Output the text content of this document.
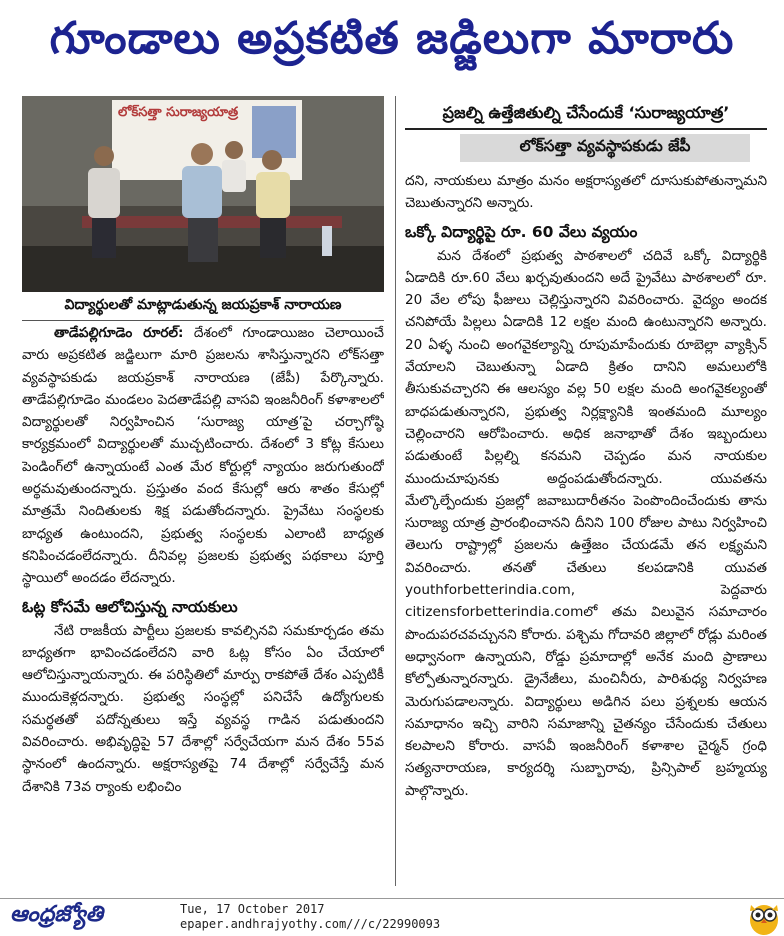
గూండాలు అప్రకటిత జడ్జిలుగా మారారు
లోక్‌సత్తా సురాజ్యయాత్ర
విద్యార్థులతో మాట్లాడుతున్న జయప్రకాశ్‌ నారాయణ
ప్రజల్ని ఉత్తేజితుల్ని చేసేందుకే ‘సురాజ్యయాత్ర’
లోక్‌సత్తా వ్యవస్థాపకుడు జేపీ

తాడేపల్లిగూడెం రూరల్‌: దేశంలో గూండాయిజం చెలాయించే వారు అప్రకటిత జడ్జిలుగా మారి ప్రజలను శాసిస్తున్నారని లోక్‌సత్తా వ్యవస్థాపకుడు జయప్రకాశ్‌ నారాయణ (జేపీ) పేర్కొన్నారు. తాడేపల్లిగూడెం మండలం పెదతాడేపల్లి వాసవి ఇంజనీరింగ్‌ కళాశాలలో విద్యార్థులతో నిర్వహించిన ‘సురాజ్య యాత్ర’పై చర్చాగోష్ఠి కార్యక్రమంలో విద్యార్థులతో ముచ్చటించారు. దేశంలో 3 కోట్ల కేసులు పెండింగ్‌లో ఉన్నాయంటే ఎంత మేర కోర్టుల్లో న్యాయం జరుగుతుందో అర్థమవుతుందన్నారు. ప్రస్తుతం వంద కేసుల్లో ఆరు శాతం కేసుల్లో మాత్రమే నిందితులకు శిక్ష పడుతోందన్నారు. ప్రైవేటు సంస్థలకు బాధ్యత ఉంటుందని, ప్రభుత్వ సంస్థలకు ఎలాంటి బాధ్యత కనిపించడంలేదన్నారు. దీనివల్ల ప్రజలకు ప్రభుత్వ పథకాలు పూర్తి స్థాయిలో అందడం లేదన్నారు.

ఓట్ల కోసమే ఆలోచిస్తున్న నాయకులు

నేటి రాజకీయ పార్టీలు ప్రజలకు కావల్సినవి సమకూర్చడం తమ బాధ్యతగా భావించడంలేదని వారి ఓట్ల కోసం ఏం చేయాలో ఆలోచిస్తున్నాయన్నారు. ఈ పరిస్థితిలో మార్పు రాకపోతే దేశం ఎప్పటికీ ముందుకెళ్లదన్నారు. ప్రభుత్వ సంస్థల్లో పనిచేసే ఉద్యోగులకు సమర్థతతో పదోన్నతులు ఇస్తే వ్యవస్థ గాడిన పడుతుందని వివరించారు. అభివృద్ధిపై 57 దేశాల్లో సర్వేచేయగా మన దేశం 55వ స్థానంలో ఉందన్నారు. అక్షరాస్యతపై 74 దేశాల్లో సర్వేచేస్తే మన దేశానికి 73వ ర్యాంకు లభించిం

దని, నాయకులు మాత్రం మనం అక్షరాస్యతలో దూసుకుపోతున్నామని చెబుతున్నారని అన్నారు.

ఒక్కో విద్యార్థిపై రూ. 60 వేలు వ్యయం

మన దేశంలో ప్రభుత్వ పాఠశాలలో చదివే ఒక్కో విద్యార్థికి ఏడాదికి రూ.60 వేలు ఖర్చవుతుందని అదే ప్రైవేటు పాఠశాలలో రూ. 20 వేల లోపు ఫీజులు చెల్లిస్తున్నారని వివరించారు. వైద్యం అందక చనిపోయే పిల్లలు ఏడాదికి 12 లక్షల మంది ఉంటున్నారని అన్నారు. 20 ఏళ్ళ నుంచి అంగవైకల్యాన్ని రూపుమాపేందుకు రూబెల్లా వ్యాక్సిన్‌ వేయాలని చెబుతున్నా ఏడాది క్రితం దానిని అమలులోకి తీసుకువచ్చారని ఈ ఆలస్యం వల్ల 50 లక్షల మంది అంగవైకల్యంతో బాధపడుతున్నారని, ప్రభుత్వ నిర్లక్ష్యానికి ఇంతమంది మూల్యం చెల్లించారని ఆరోపించారు. అధిక జనాభాతో దేశం ఇబ్బందులు పడుతుంటే పిల్లల్ని కనమని చెప్పడం మన నాయకుల ముందుచూపునకు అద్దంపడుతోందన్నారు. యువతను మేల్కొల్పేందుకు ప్రజల్లో జవాబుదారీతనం పెంపొందించేందుకు తాను సురాజ్య యాత్ర ప్రారంభించానని దీనిని 100 రోజుల పాటు నిర్వహించి తెలుగు రాష్ట్రాల్లో ప్రజలను ఉత్తేజం చేయడమే తన లక్ష్యమని వివరించారు. తనతో చేతులు కలపడానికి యువత youthforbetterindia.com, పెద్దవారు citizensforbetterindia.comలో తమ విలువైన సమాచారం పొందుపరచవచ్చునని కోరారు. పశ్చిమ గోదావరి జిల్లాలో రోడ్లు మరింత అధ్వానంగా ఉన్నాయని, రోడ్డు ప్రమాదాల్లో అనేక మంది ప్రాణాలు కోల్పోతున్నారన్నారు. డ్రైనేజీలు, మంచినీరు, పారిశుధ్య నిర్వహణ మెరుగుపడాలన్నారు. విద్యార్థులు అడిగిన పలు ప్రశ్నలకు ఆయన సమాధానం ఇచ్చి వారిని సమాజాన్ని చైతన్యం చేసేందుకు చేతులు కలపాలని కోరారు. వాసవీ ఇంజనీరింగ్‌ కళాశాల చైర్మన్‌ గ్రంధి సత్యనారాయణ, కార్యదర్శి సుబ్బారావు, ప్రిన్సిపాల్‌ బ్రహ్మయ్య పాల్గొన్నారు.

ఆంధ్రజ్యోతి	Tue, 17 October 2017
epaper.andhrajyothy.com///c/22990093
